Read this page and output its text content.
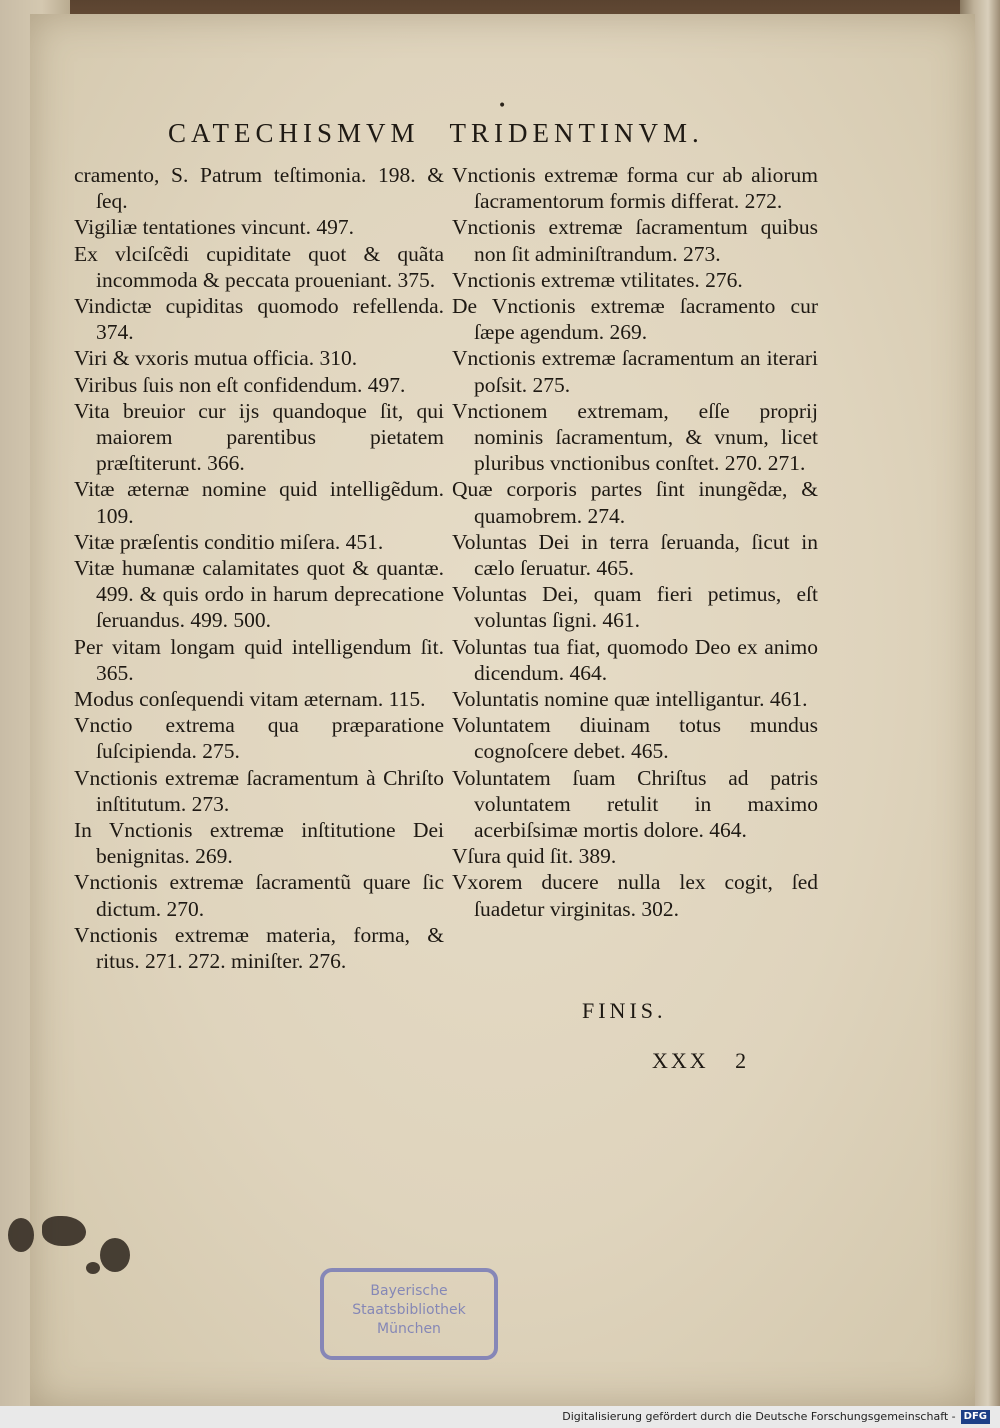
•
CATECHISMVM TRIDENTINVM.
cramento, S. Patrum teſtimonia. 198. & ſeq.
Vigiliæ tentationes vincunt. 497.
Ex vlciſcẽdi cupiditate quot & quãta incommoda & peccata proueniant. 375.
Vindictæ cupiditas quomodo refellenda. 374.
Viri & vxoris mutua officia. 310.
Viribus ſuis non eſt confidendum. 497.
Vita breuior cur ijs quandoque ſit, qui maiorem parentibus pietatem præſtiterunt. 366.
Vitæ æternæ nomine quid intelligẽdum. 109.
Vitæ præſentis conditio miſera. 451.
Vitæ humanæ calamitates quot & quantæ. 499. & quis ordo in harum deprecatione ſeruandus. 499. 500.
Per vitam longam quid intelligendum ſit. 365.
Modus conſequendi vitam æternam. 115.
Vnctio extrema qua præparatione ſuſcipienda. 275.
Vnctionis extremæ ſacramentum à Chriſto inſtitutum. 273.
In Vnctionis extremæ inſtitutione Dei benignitas. 269.
Vnctionis extremæ ſacramentũ quare ſic dictum. 270.
Vnctionis extremæ materia, forma, & ritus. 271. 272. miniſter. 276.
Vnctionis extremæ forma cur ab aliorum ſacramentorum formis differat. 272.
Vnctionis extremæ ſacramentum quibus non ſit adminiſtrandum. 273.
Vnctionis extremæ vtilitates. 276.
De Vnctionis extremæ ſacramento cur ſæpe agendum. 269.
Vnctionis extremæ ſacramentum an iterari poſsit. 275.
Vnctionem extremam, eſſe proprij nominis ſacramentum, & vnum, licet pluribus vnctionibus conſtet. 270. 271.
Quæ corporis partes ſint inungẽdæ, & quamobrem. 274.
Voluntas Dei in terra ſeruanda, ſicut in cælo ſeruatur. 465.
Voluntas Dei, quam fieri petimus, eſt voluntas ſigni. 461.
Voluntas tua fiat, quomodo Deo ex animo dicendum. 464.
Voluntatis nomine quæ intelligantur. 461.
Voluntatem diuinam totus mundus cognoſcere debet. 465.
Voluntatem ſuam Chriſtus ad patris voluntatem retulit in maximo acerbiſsimæ mortis dolore. 464.
Vſura quid ſit. 389.
Vxorem ducere nulla lex cogit, ſed ſuadetur virginitas. 302.
FINIS.
XXX 2
Bayerische
Staatsbibliothek
München
Digitalisierung gefördert durch die Deutsche Forschungsgemeinschaft - DFG
